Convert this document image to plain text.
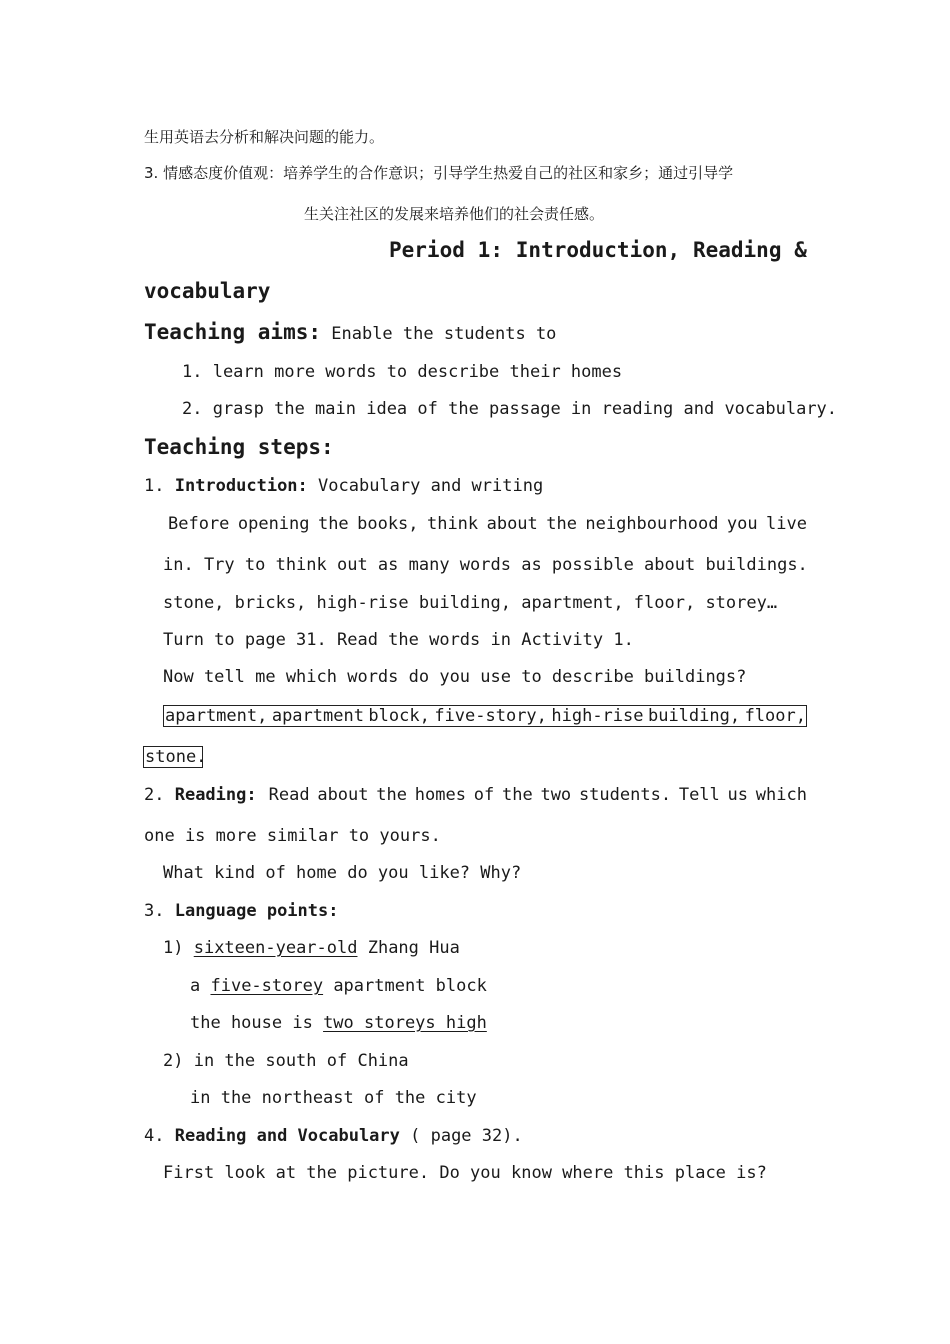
生用英语去分析和解决问题的能力。
3. 情感态度价值观：培养学生的合作意识；引导学生热爱自己的社区和家乡；通过引导学
生关注社区的发展来培养他们的社会责任感。
Period 1: Introduction, Reading &
vocabulary
Teaching aims: Enable the students to
1. learn more words to describe their homes
2. grasp the main idea of the passage in reading and vocabulary.
Teaching steps:
1. Introduction: Vocabulary and writing
Before opening the books, think about the neighbourhood you live
in. Try to think out as many words as possible about buildings.
stone, bricks, high-rise building, apartment, floor, storey…
Turn to page 31. Read the words in Activity 1.
Now tell me which words do you use to describe buildings?
apartment, apartment block, five-story, high-rise building, floor,
stone.
2. Reading: Read about the homes of the two students. Tell us which
one is more similar to yours.
What kind of home do you like? Why?
3. Language points:
1) sixteen-year-old Zhang Hua
a five-storey apartment block
the house is two storeys high
2) in the south of China
in the northeast of the city
4. Reading and Vocabulary ( page 32).
First look at the picture. Do you know where this place is?
